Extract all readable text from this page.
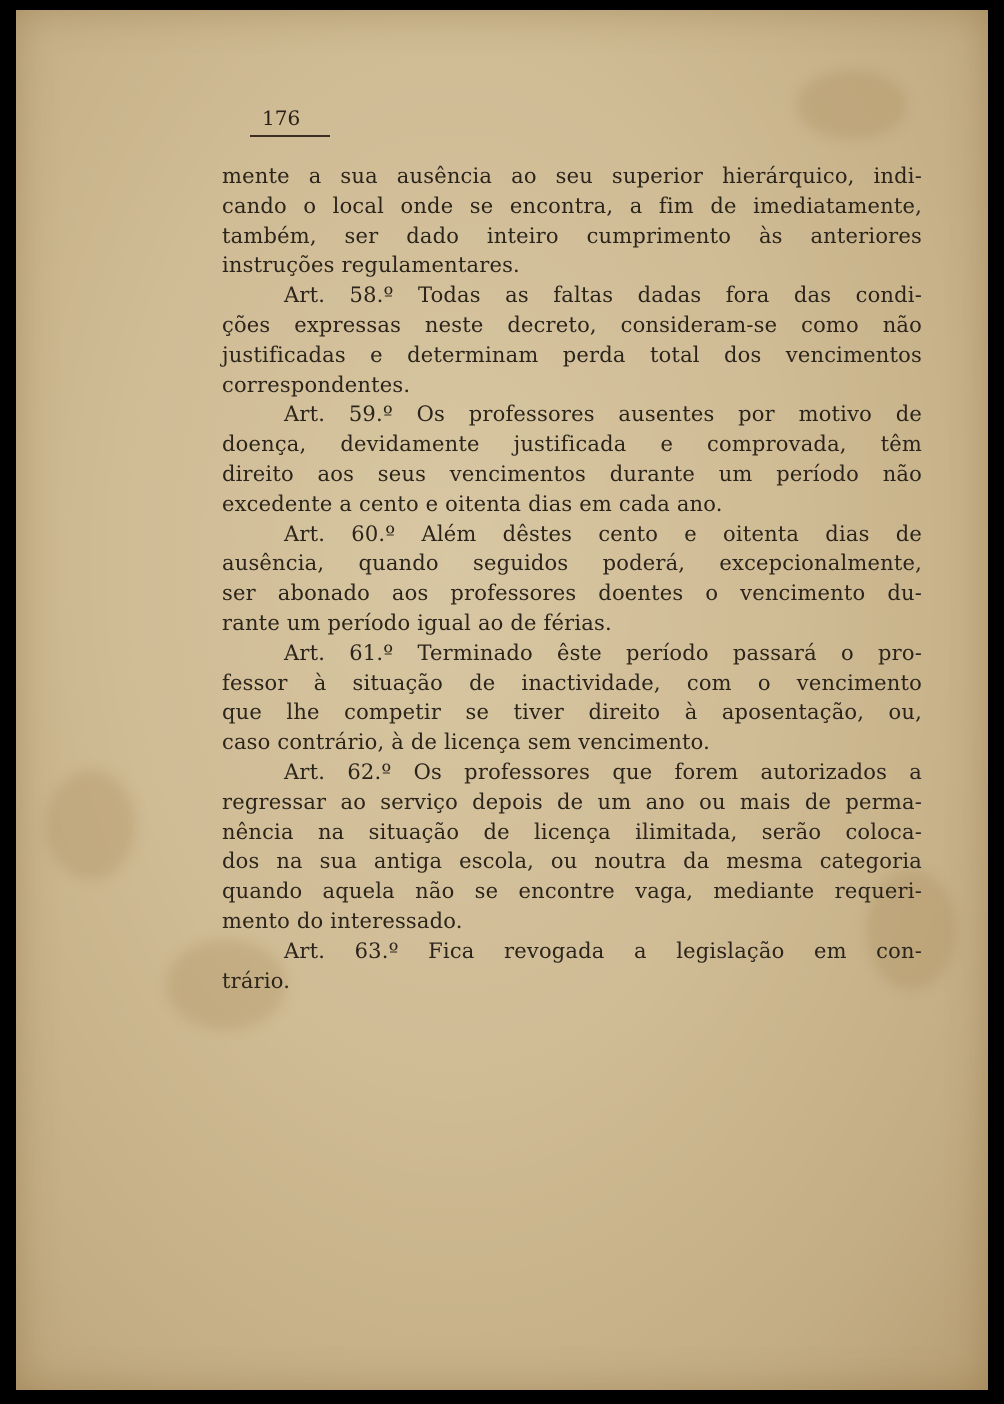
176
mente a sua ausência ao seu superior hierárquico, indi-
cando o local onde se encontra, a fim de imediatamente,
também, ser dado inteiro cumprimento às anteriores
instruções regulamentares.
Art. 58.º Todas as faltas dadas fora das condi-
ções expressas neste decreto, consideram-se como não
justificadas e determinam perda total dos vencimentos
correspondentes.
Art. 59.º Os professores ausentes por motivo de
doença, devidamente justificada e comprovada, têm
direito aos seus vencimentos durante um período não
excedente a cento e oitenta dias em cada ano.
Art. 60.º Além dêstes cento e oitenta dias de
ausência, quando seguidos poderá, excepcionalmente,
ser abonado aos professores doentes o vencimento du-
rante um período igual ao de férias.
Art. 61.º Terminado êste período passará o pro-
fessor à situação de inactividade, com o vencimento
que lhe competir se tiver direito à aposentação, ou,
caso contrário, à de licença sem vencimento.
Art. 62.º Os professores que forem autorizados a
regressar ao serviço depois de um ano ou mais de perma-
nência na situação de licença ilimitada, serão coloca-
dos na sua antiga escola, ou noutra da mesma categoria
quando aquela não se encontre vaga, mediante requeri-
mento do interessado.
Art. 63.º Fica revogada a legislação em con-
trário.
